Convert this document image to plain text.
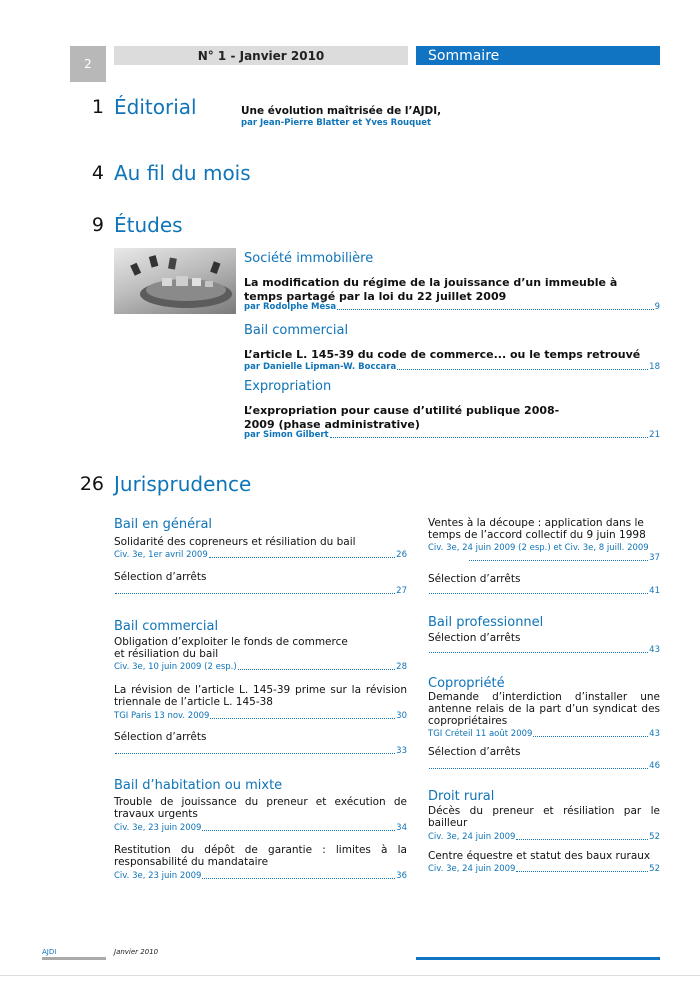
2
N° 1 - Janvier 2010	Sommaire
1 Éditorial	Une évolution maîtrisée de l’AJDI,
par Jean-Pierre Blatter et Yves Rouquet
4 Au fil du mois
9 Études
Société immobilière
La modification du régime de la jouissance d’un immeuble à temps partagé par la loi du 22 juillet 2009
par Rodolphe Mésa	9
Bail commercial
L’article L. 145-39 du code de commerce... ou le temps retrouvé
par Danielle Lipman-W. Boccara	18
Expropriation
L’expropriation pour cause d’utilité publique 2008-2009 (phase administrative)
par Simon Gilbert	21
26 Jurisprudence
Bail en général
Solidarité des copreneurs et résiliation du bail
Civ. 3e, 1er avril 2009	26
Sélection d’arrêts
27
Bail commercial
Obligation d’exploiter le fonds de commerce et résiliation du bail
Civ. 3e, 10 juin 2009 (2 esp.)	28
La révision de l’article L. 145-39 prime sur la révision triennale de l’article L. 145-38
TGI Paris 13 nov. 2009	30
Sélection d’arrêts
33
Bail d’habitation ou mixte
Trouble de jouissance du preneur et exécution de travaux urgents
Civ. 3e, 23 juin 2009	34
Restitution du dépôt de garantie : limites à la responsabilité du mandataire
Civ. 3e, 23 juin 2009	36
Ventes à la découpe : application dans le temps de l’accord collectif du 9 juin 1998
Civ. 3e, 24 juin 2009 (2 esp.) et Civ. 3e, 8 juill. 2009
37
Sélection d’arrêts
41
Bail professionnel
Sélection d’arrêts
43
Copropriété
Demande d’interdiction d’installer une antenne relais de la part d’un syndicat des copropriétaires
TGI Créteil 11 août 2009	43
Sélection d’arrêts
46
Droit rural
Décès du preneur et résiliation par le bailleur
Civ. 3e, 24 juin 2009	52
Centre équestre et statut des baux ruraux
Civ. 3e, 24 juin 2009	52
AJDI	Janvier 2010
